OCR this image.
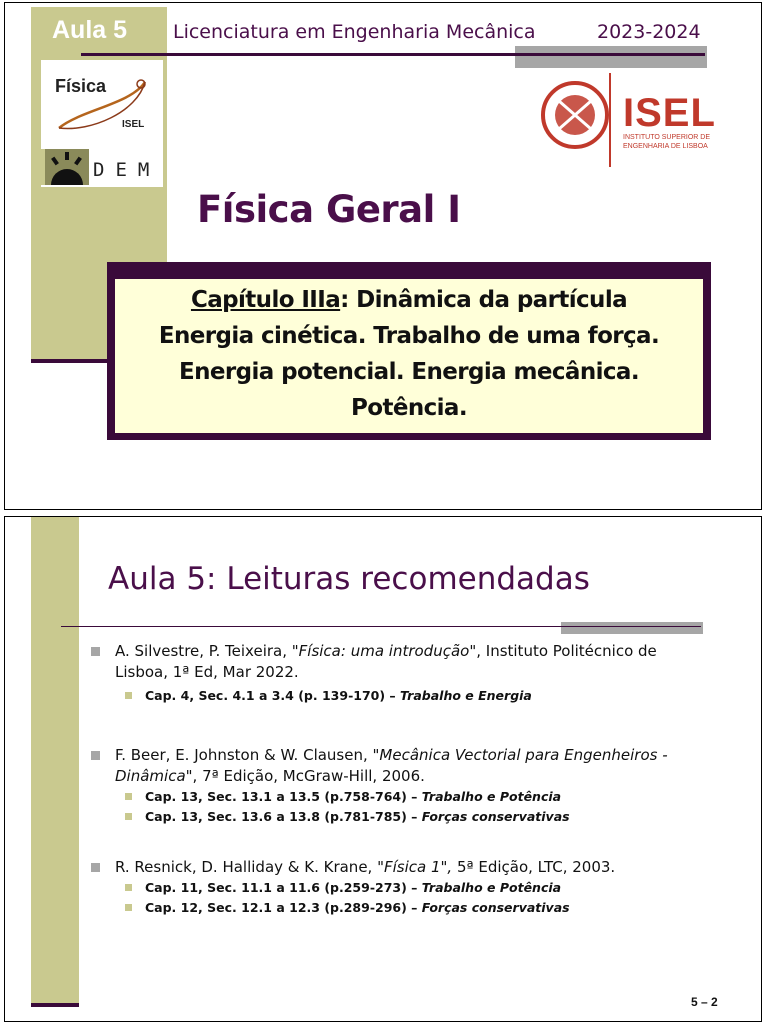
Aula 5 Licenciatura em Engenharia Mecânica	2023-2024
Física
ISEL
DEM
ISEL
INSTITUTO SUPERIOR DE
ENGENHARIA DE LISBOA
Física Geral I
Capítulo IIIa: Dinâmica da partícula
Energia cinética. Trabalho de uma força.
Energia potencial. Energia mecânica.
Potência.
Aula 5: Leituras recomendadas
A. Silvestre, P. Teixeira, "Física: uma introdução", Instituto Politécnico de Lisboa, 1ª Ed, Mar 2022.
Cap. 4, Sec. 4.1 a 3.4 (p. 139-170) – Trabalho e Energia
F. Beer, E. Johnston & W. Clausen, "Mecânica Vectorial para Engenheiros - Dinâmica", 7ª Edição, McGraw-Hill, 2006.
Cap. 13, Sec. 13.1 a 13.5 (p.758-764) – Trabalho e Potência
Cap. 13, Sec. 13.6 a 13.8 (p.781-785) – Forças conservativas
R. Resnick, D. Halliday & K. Krane, "Física 1", 5ª Edição, LTC, 2003.
Cap. 11, Sec. 11.1 a 11.6 (p.259-273) – Trabalho e Potência
Cap. 12, Sec. 12.1 a 12.3 (p.289-296) – Forças conservativas
5 – 2
